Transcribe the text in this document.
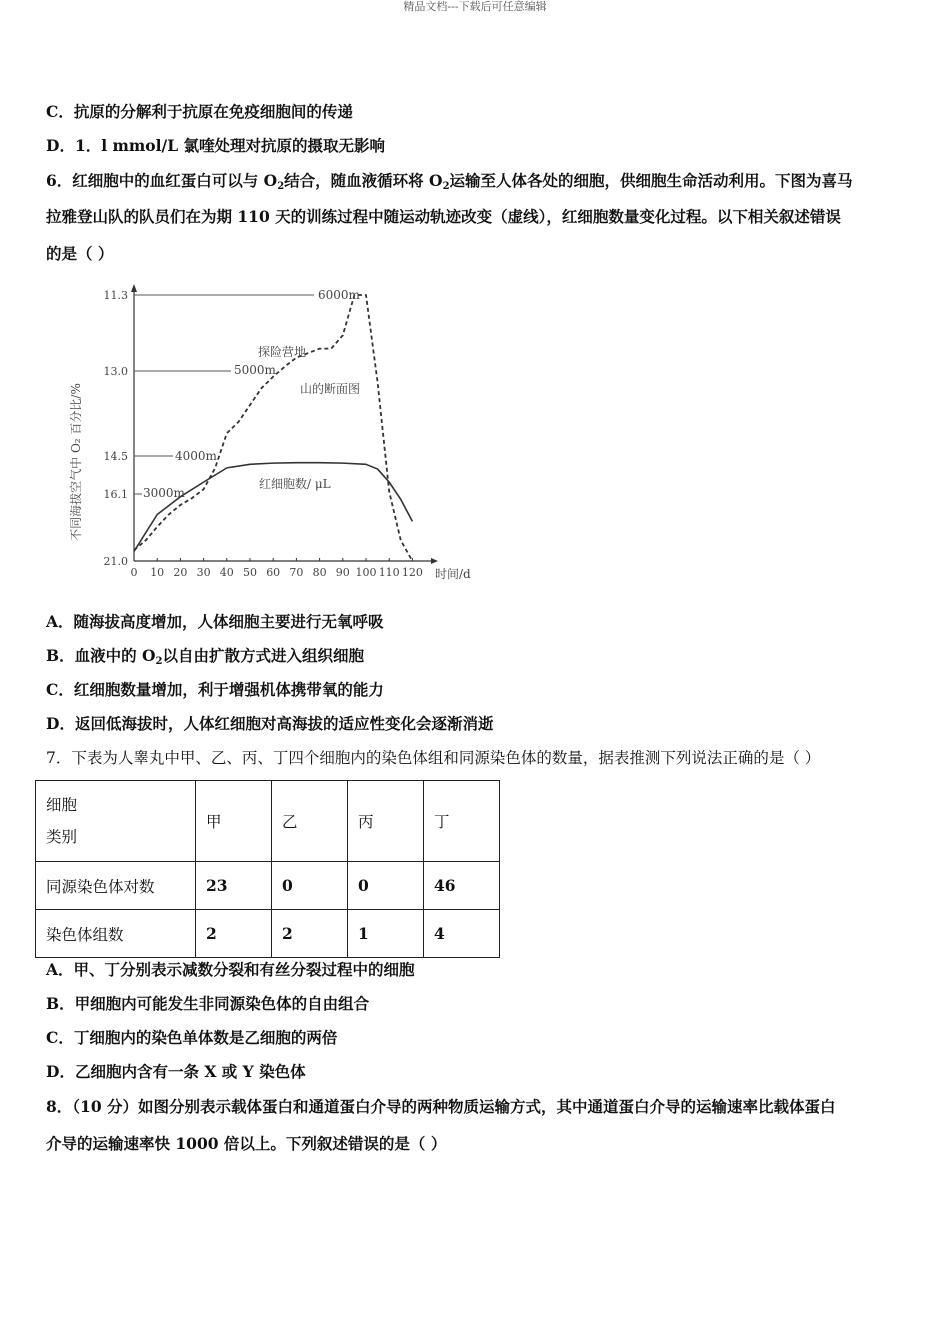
精品文档---下载后可任意编辑
C．抗原的分解利于抗原在免疫细胞间的传递
D．1．l mmol/L 氯喹处理对抗原的摄取无影响
6．红细胞中的血红蛋白可以与 $O_2$结合，随血液循环将 $O_2$运输至人体各处的细胞，供细胞生命活动利用。下图为喜马
拉雅登山队的队员们在为期 110 天的训练过程中随运动轨迹改变（虚线），红细胞数量变化过程。以下相关叙述错误
的是（ ）
0 10 20 30 40 50 60 70 80 90 100 110 120
11.3
13.0
14.5
16.1
21.0
不同海拔空气中 O₂ 百分比/%
时间/d
探险营地
山的断面图
红细胞数/ μL
6000m
5000m
4000m
3000m
A．随海拔高度增加，人体细胞主要进行无氧呼吸
B．血液中的 $O_2$以自由扩散方式进入组织细胞
C．红细胞数量增加，利于增强机体携带氧的能力
D．返回低海拔时，人体红细胞对高海拔的适应性变化会逐渐消逝
7．下表为人睾丸中甲、乙、丙、丁四个细胞内的染色体组和同源染色体的数量，据表推测下列说法正确的是（ ）
细胞
类别	甲	乙	丙	丁
同源染色体对数	23	0	0	46
染色体组数	2	2	1	4
A．甲、丁分别表示减数分裂和有丝分裂过程中的细胞
B．甲细胞内可能发生非同源染色体的自由组合
C．丁细胞内的染色单体数是乙细胞的两倍
D．乙细胞内含有一条 X 或 Y 染色体
8．（10 分）如图分别表示载体蛋白和通道蛋白介导的两种物质运输方式，其中通道蛋白介导的运输速率比载体蛋白
介导的运输速率快 1000 倍以上。下列叙述错误的是（ ）
